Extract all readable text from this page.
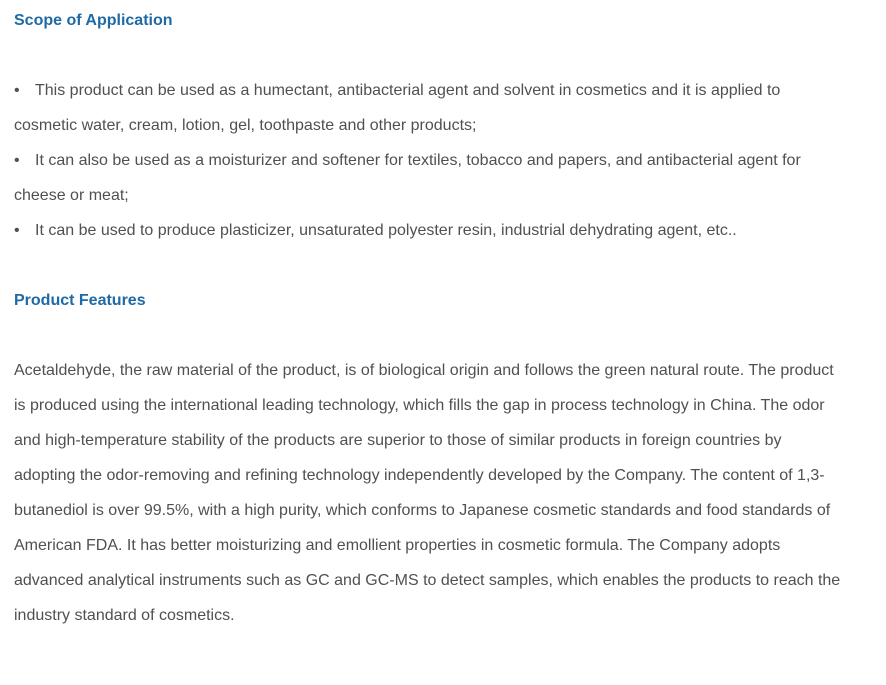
Scope of Application
• This product can be used as a humectant, antibacterial agent and solvent in cosmetics and it is applied to cosmetic water, cream, lotion, gel, toothpaste and other products;
• It can also be used as a moisturizer and softener for textiles, tobacco and papers, and antibacterial agent for cheese or meat;
• It can be used to produce plasticizer, unsaturated polyester resin, industrial dehydrating agent, etc..
Product Features

Acetaldehyde, the raw material of the product, is of biological origin and follows the green natural route. The product is produced using the international leading technology, which fills the gap in process technology in China. The odor and high-temperature stability of the products are superior to those of similar products in foreign countries by adopting the odor-removing and refining technology independently developed by the Company. The content of 1,3-butanediol is over 99.5%, with a high purity, which conforms to Japanese cosmetic standards and food standards of American FDA. It has better moisturizing and emollient properties in cosmetic formula. The Company adopts advanced analytical instruments such as GC and GC-MS to detect samples, which enables the products to reach the industry standard of cosmetics.
